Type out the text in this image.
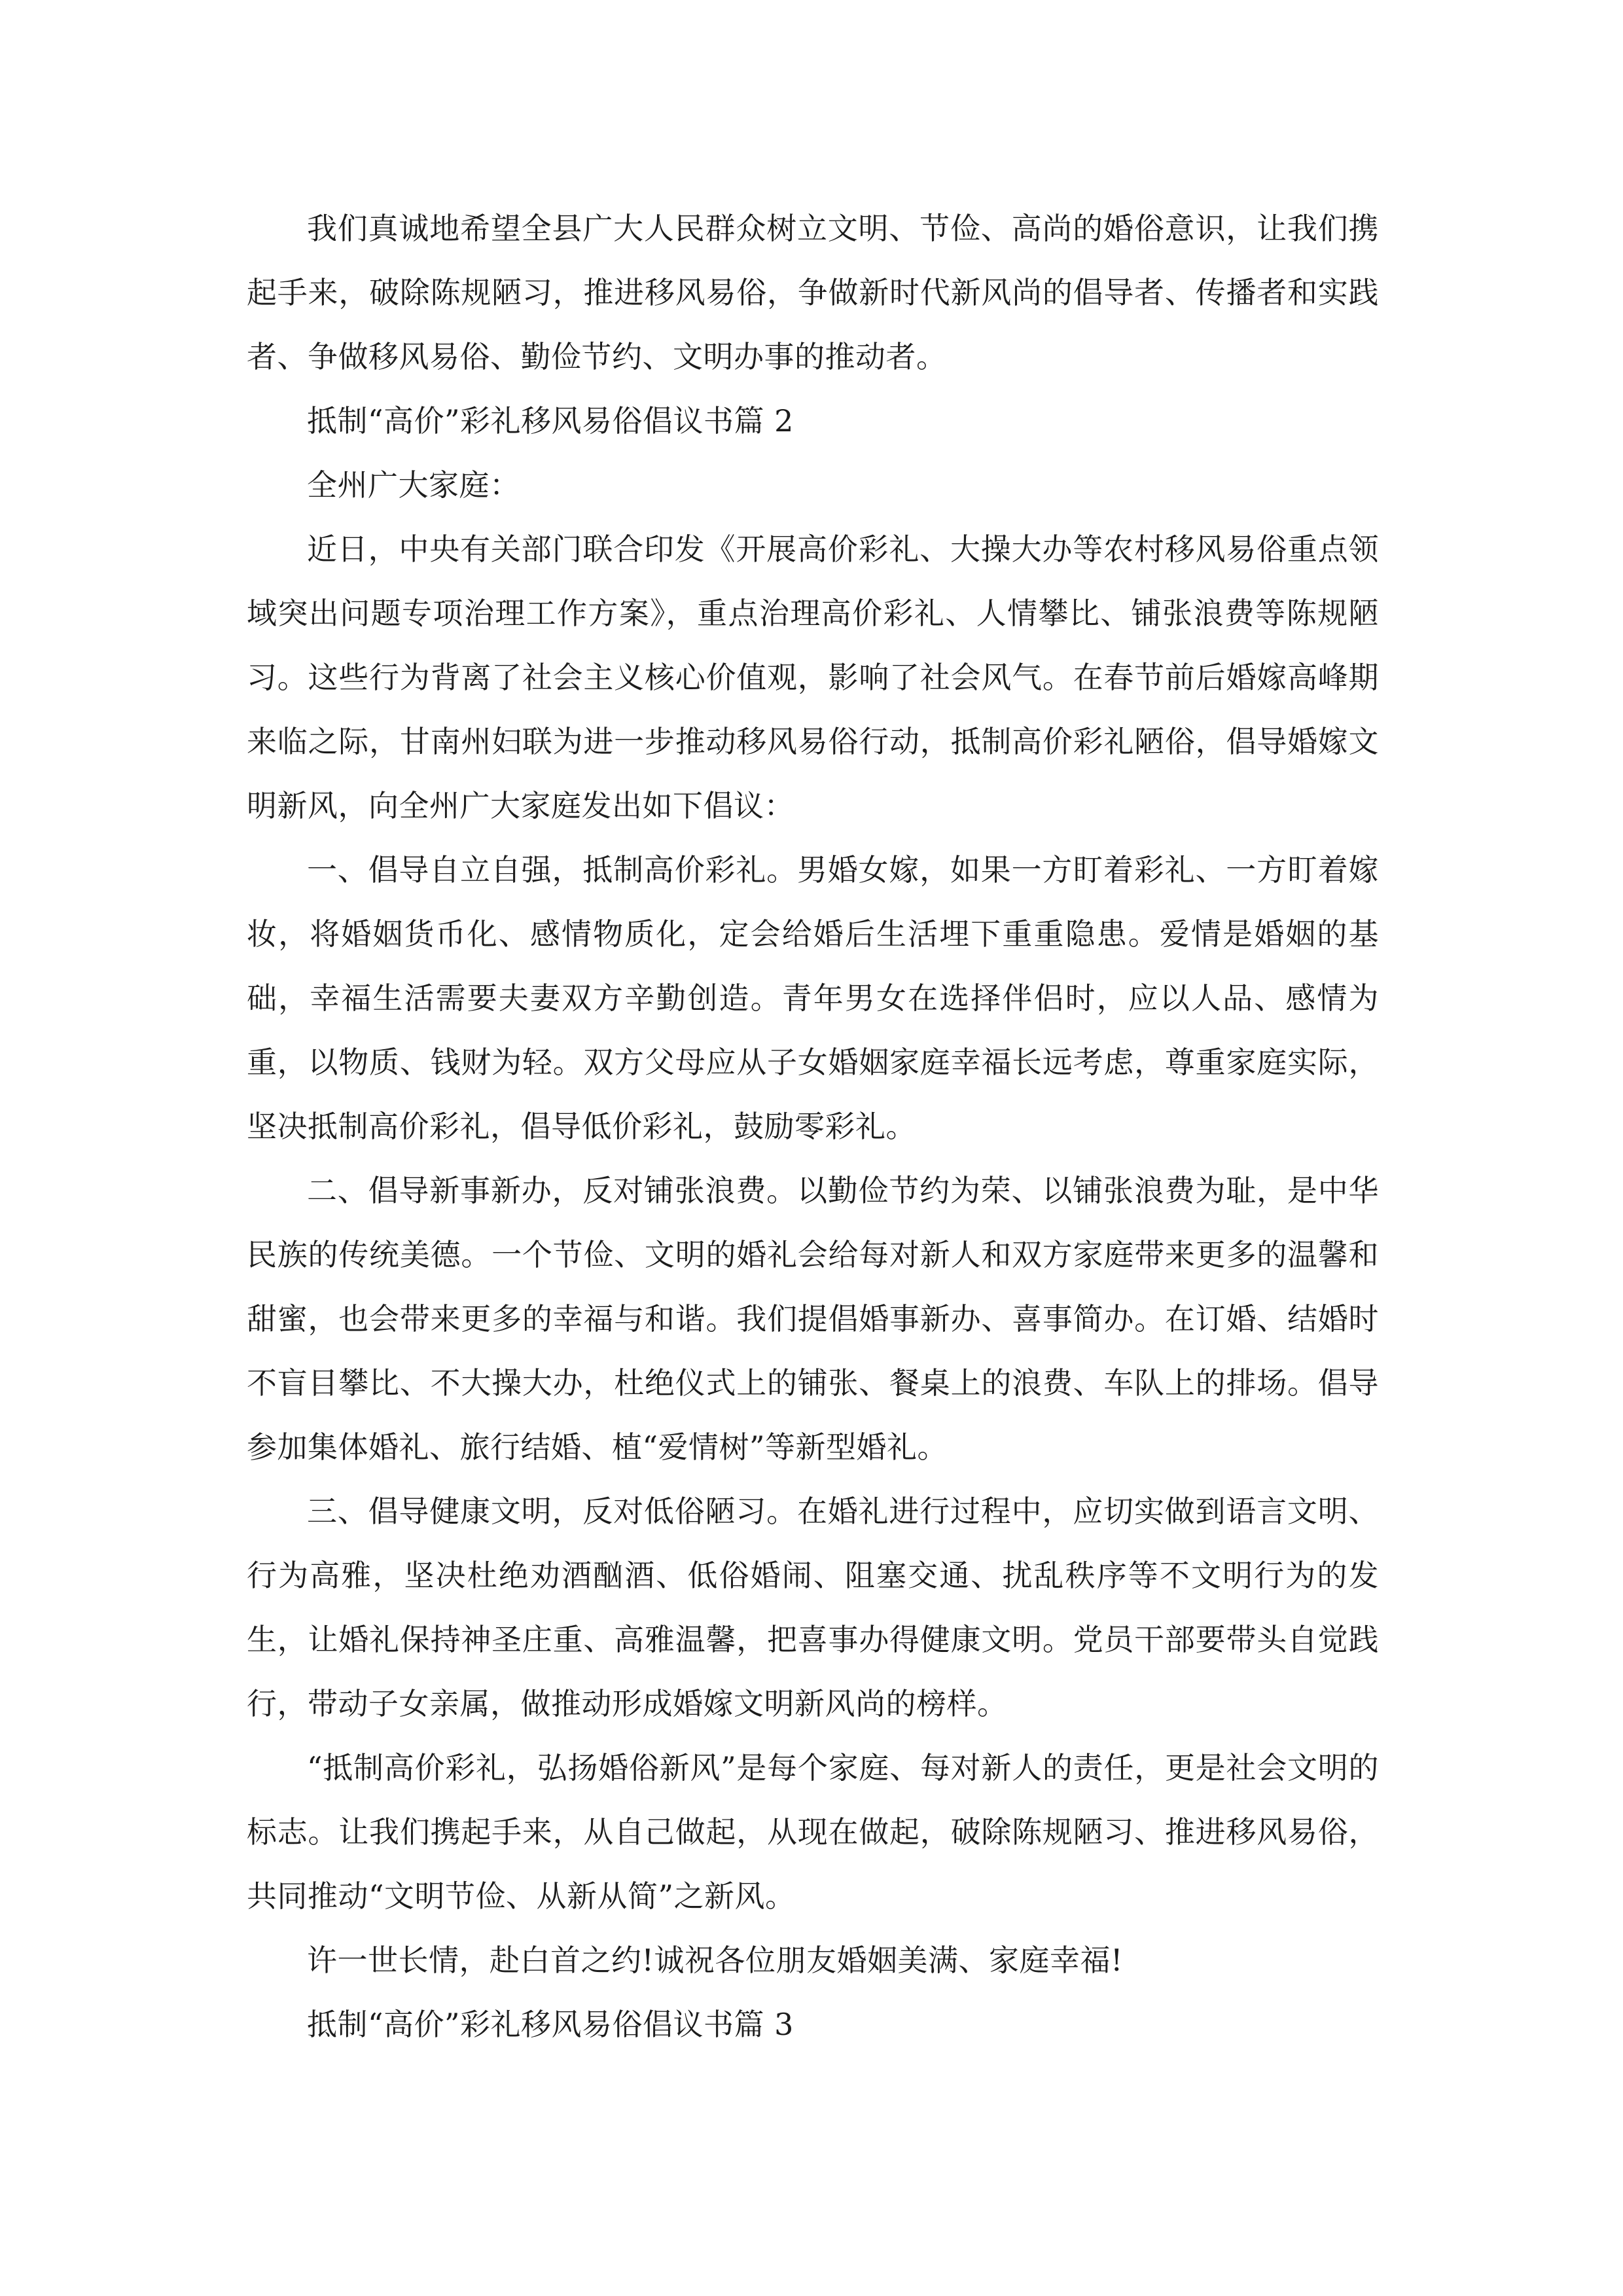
我们真诚地希望全县广大人民群众树立文明、节俭、高尚的婚俗意识，让我们携起手来，破除陈规陋习，推进移风易俗，争做新时代新风尚的倡导者、传播者和实践者、争做移风易俗、勤俭节约、文明办事的推动者。

抵制“高价”彩礼移风易俗倡议书篇 2

全州广大家庭：

近日，中央有关部门联合印发《开展高价彩礼、大操大办等农村移风易俗重点领域突出问题专项治理工作方案》，重点治理高价彩礼、人情攀比、铺张浪费等陈规陋习。这些行为背离了社会主义核心价值观，影响了社会风气。在春节前后婚嫁高峰期来临之际，甘南州妇联为进一步推动移风易俗行动，抵制高价彩礼陋俗，倡导婚嫁文明新风，向全州广大家庭发出如下倡议：

一、倡导自立自强，抵制高价彩礼。男婚女嫁，如果一方盯着彩礼、一方盯着嫁妆，将婚姻货币化、感情物质化，定会给婚后生活埋下重重隐患。爱情是婚姻的基础，幸福生活需要夫妻双方辛勤创造。青年男女在选择伴侣时，应以人品、感情为重，以物质、钱财为轻。双方父母应从子女婚姻家庭幸福长远考虑，尊重家庭实际，坚决抵制高价彩礼，倡导低价彩礼，鼓励零彩礼。

二、倡导新事新办，反对铺张浪费。以勤俭节约为荣、以铺张浪费为耻，是中华民族的传统美德。一个节俭、文明的婚礼会给每对新人和双方家庭带来更多的温馨和甜蜜，也会带来更多的幸福与和谐。我们提倡婚事新办、喜事简办。在订婚、结婚时不盲目攀比、不大操大办，杜绝仪式上的铺张、餐桌上的浪费、车队上的排场。倡导参加集体婚礼、旅行结婚、植“爱情树”等新型婚礼。

三、倡导健康文明，反对低俗陋习。在婚礼进行过程中，应切实做到语言文明、行为高雅，坚决杜绝劝酒酗酒、低俗婚闹、阻塞交通、扰乱秩序等不文明行为的发生，让婚礼保持神圣庄重、高雅温馨，把喜事办得健康文明。党员干部要带头自觉践行，带动子女亲属，做推动形成婚嫁文明新风尚的榜样。

“抵制高价彩礼，弘扬婚俗新风”是每个家庭、每对新人的责任，更是社会文明的标志。让我们携起手来，从自己做起，从现在做起，破除陈规陋习、推进移风易俗，共同推动“文明节俭、从新从简”之新风。

许一世长情，赴白首之约!诚祝各位朋友婚姻美满、家庭幸福!

抵制“高价”彩礼移风易俗倡议书篇 3
